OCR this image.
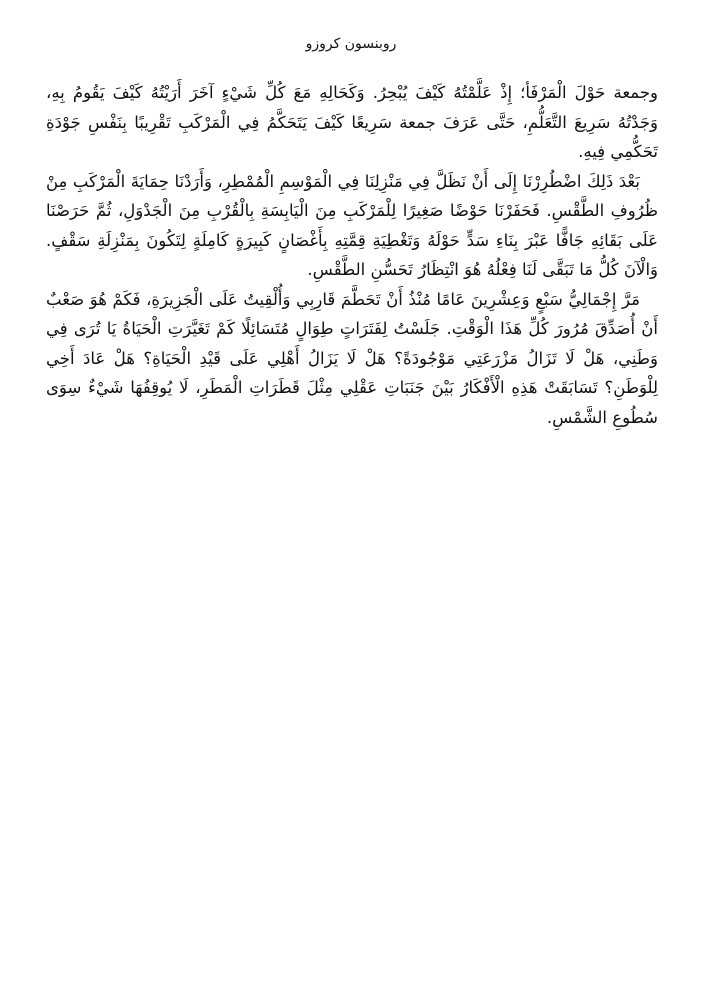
روبنسون كروزو

وجمعة حَوْلَ الْمَرْفَأ؛ إِذْ عَلَّمْتُهُ كَيْفَ يُبْحِرُ. وَكَحَالِهِ مَعَ كُلِّ شَيْءٍ آخَرَ أَرَيْتُهُ كَيْفَ يَقُومُ بِهِ، وَجَدْتُهُ سَرِيعَ التَّعَلُّمِ، حَتَّى عَرَفَ جمعة سَرِيعًا كَيْفَ يَتَحَكَّمُ فِي الْمَرْكَبِ تَقْرِيبًا بِنَفْسِ جَوْدَةِ تَحَكُّمِي فِيهِ.

بَعْدَ ذَلِكَ اضْطُرِرْنَا إِلَى أَنْ نَظَلَّ فِي مَنْزِلِنَا فِي الْمَوْسِمِ الْمُمْطِرِ، وَأَرَدْنَا حِمَايَةَ الْمَرْكَبِ مِنْ ظُرُوفِ الطَّقْسِ. فَحَفَرْنَا حَوْضًا صَغِيرًا لِلْمَرْكَبِ مِنَ الْيَابِسَةِ بِالْقُرْبِ مِنَ الْجَدْوَلِ، ثُمَّ حَرَصْنَا عَلَى بَقَائِهِ جَافًّا عَبْرَ بِنَاءِ سَدٍّ حَوْلَهُ وَتَغْطِيَةِ قِمَّتِهِ بِأَغْصَانٍ كَبِيرَةٍ كَامِلَةٍ لِتَكُونَ بِمَنْزِلَةِ سَقْفٍ. وَالْآنَ كُلُّ مَا تَبَقَّى لَنَا فِعْلُهُ هُوَ انْتِظَارُ تَحَسُّنِ الطَّقْسِ.

مَرَّ إِجْمَالِيُّ سَبْعٍ وَعِشْرِينَ عَامًا مُنْذُ أَنْ تَحَطَّمَ قَارِبِي وَأُلْقِيتُ عَلَى الْجَزِيرَةِ، فَكَمْ هُوَ صَعْبٌ أَنْ أُصَدِّقَ مُرُورَ كُلِّ هَذَا الْوَقْتِ. جَلَسْتُ لِفَتَرَاتٍ طِوَالٍ مُتَسَائِلًا كَمْ تَغَيَّرَتِ الْحَيَاةُ يَا تُرَى فِي وَطَنِي، هَلْ لَا تَزَالُ مَزْرَعَتِي مَوْجُودَةً؟ هَلْ لَا يَزَالُ أَهْلِي عَلَى قَيْدِ الْحَيَاةِ؟ هَلْ عَادَ أَخِي لِلْوَطَنِ؟ تَسَابَقَتْ هَذِهِ الْأَفْكَارُ بَيْنَ جَنَبَاتِ عَقْلِي مِثْلَ قَطَرَاتِ الْمَطَرِ، لَا يُوقِفُهَا شَيْءٌ سِوَى سُطُوعِ الشَّمْسِ.
